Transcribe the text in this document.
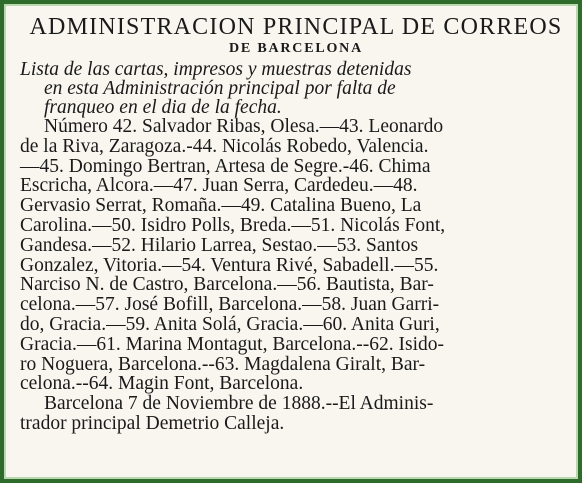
ADMINISTRACION PRINCIPAL DE CORREOS
DE BARCELONA
Lista de las cartas, impresos y muestras detenidas
en esta Administración principal por falta de
franqueo en el dia de la fecha.
Número 42. Salvador Ribas, Olesa.—43. Leonardo
de la Riva, Zaragoza.-44. Nicolás Robedo, Valencia.
—45. Domingo Bertran, Artesa de Segre.-46. Chima
Escricha, Alcora.—47. Juan Serra, Cardedeu.—48.
Gervasio Serrat, Romaña.—49. Catalina Bueno, La
Carolina.—50. Isidro Polls, Breda.—51. Nicolás Font,
Gandesa.—52. Hilario Larrea, Sestao.—53. Santos
Gonzalez, Vitoria.—54. Ventura Rivé, Sabadell.—55.
Narciso N. de Castro, Barcelona.—56. Bautista, Bar-
celona.—57. José Bofill, Barcelona.—58. Juan Garri-
do, Gracia.—59. Anita Solá, Gracia.—60. Anita Guri,
Gracia.—61. Marina Montagut, Barcelona.--62. Isido-
ro Noguera, Barcelona.--63. Magdalena Giralt, Bar-
celona.--64. Magin Font, Barcelona.
Barcelona 7 de Noviembre de 1888.--El Adminis-
trador principal Demetrio Calleja.
